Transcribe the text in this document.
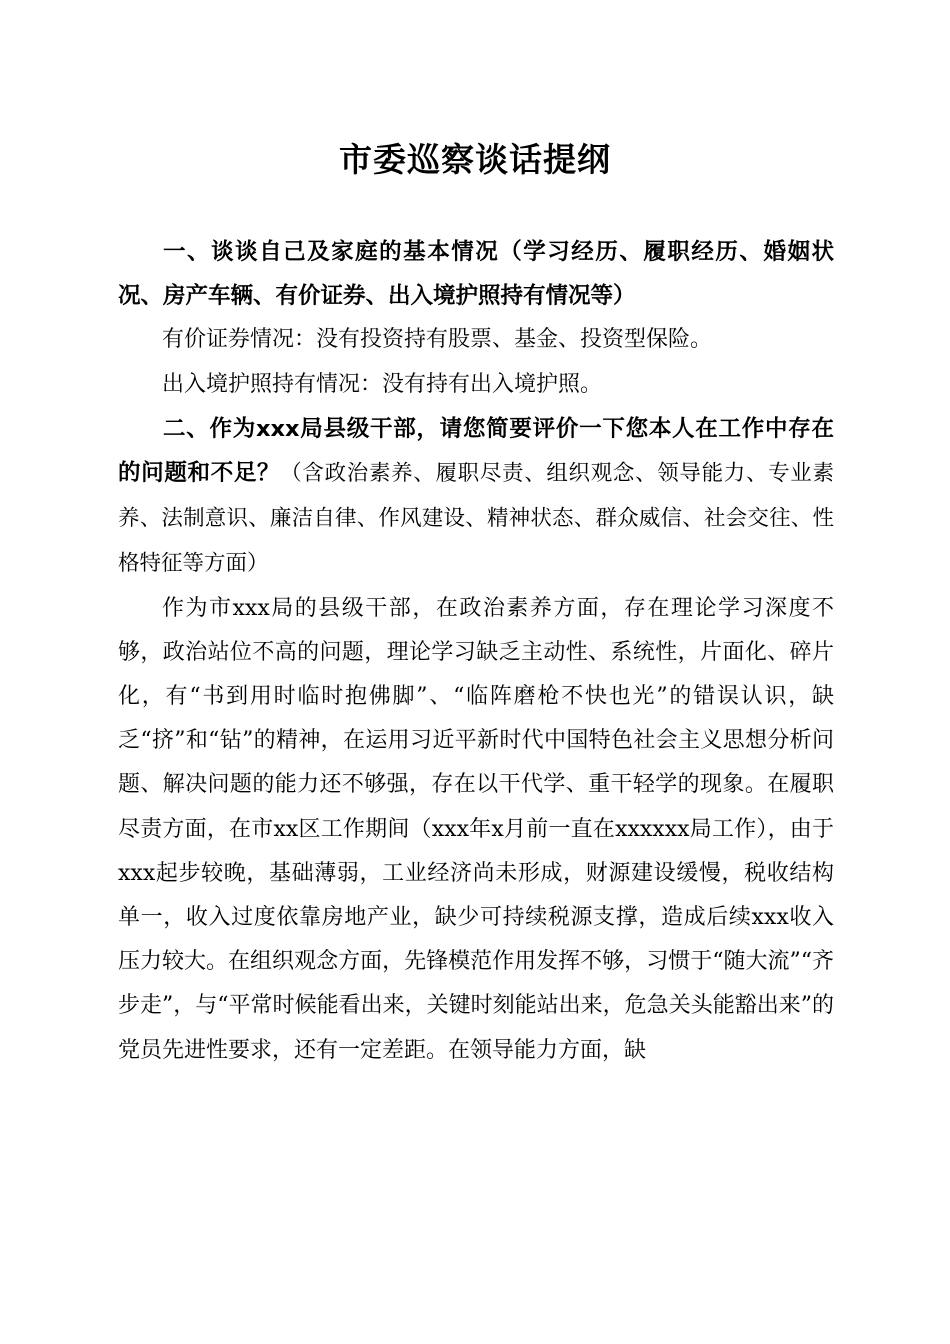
市委巡察谈话提纲

一、谈谈自己及家庭的基本情况（学习经历、履职经历、婚姻状况、房产车辆、有价证券、出入境护照持有情况等）

有价证券情况：没有投资持有股票、基金、投资型保险。

出入境护照持有情况：没有持有出入境护照。

二、作为xxx局县级干部，请您简要评价一下您本人在工作中存在的问题和不足？（含政治素养、履职尽责、组织观念、领导能力、专业素养、法制意识、廉洁自律、作风建设、精神状态、群众威信、社会交往、性格特征等方面）

作为市xxx局的县级干部，在政治素养方面，存在理论学习深度不够，政治站位不高的问题，理论学习缺乏主动性、系统性，片面化、碎片化，有“书到用时临时抱佛脚”、“临阵磨枪不快也光”的错误认识，缺乏“挤”和“钻”的精神，在运用习近平新时代中国特色社会主义思想分析问题、解决问题的能力还不够强，存在以干代学、重干轻学的现象。在履职尽责方面，在市xx区工作期间（xxx年x月前一直在xxxxxx局工作），由于xxx起步较晚，基础薄弱，工业经济尚未形成，财源建设缓慢，税收结构单一，收入过度依靠房地产业，缺少可持续税源支撑，造成后续xxx收入压力较大。在组织观念方面，先锋模范作用发挥不够，习惯于“随大流”“齐步走”，与“平常时候能看出来，关键时刻能站出来，危急关头能豁出来”的党员先进性要求，还有一定差距。在领导能力方面，缺
